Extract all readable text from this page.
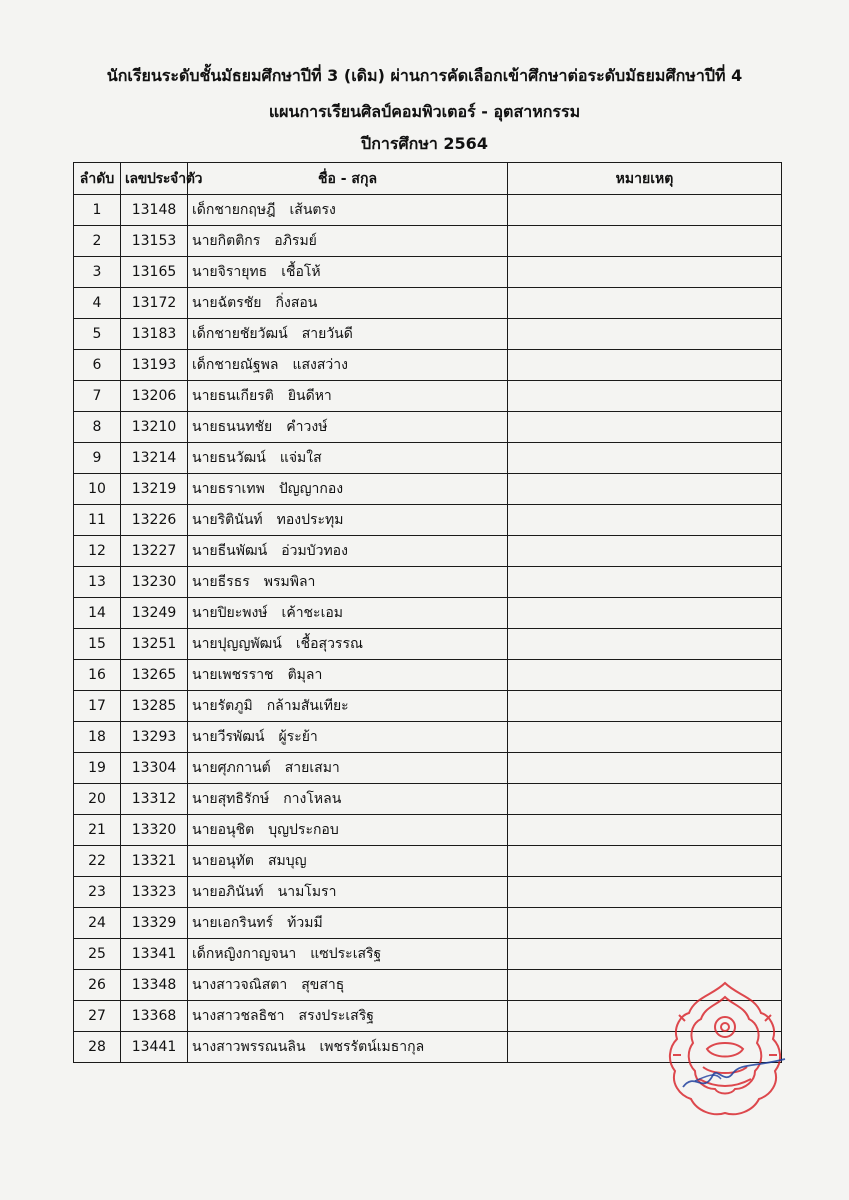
นักเรียนระดับชั้นมัธยมศึกษาปีที่ 3 (เดิม) ผ่านการคัดเลือกเข้าศึกษาต่อระดับมัธยมศึกษาปีที่ 4
แผนการเรียนศิลป์คอมพิวเตอร์ - อุตสาหกรรม
ปีการศึกษา 2564
ลำดับ	เลขประจำตัว	ชื่อ - สกุล	หมายเหตุ
1	13148	เด็กชายกฤษฎี เส้นตรง	
2	13153	นายกิตติกร อภิรมย์	
3	13165	นายจิรายุทธ เชื้อโห้	
4	13172	นายฉัตรชัย กิ่งสอน	
5	13183	เด็กชายชัยวัฒน์ สายวันดี	
6	13193	เด็กชายณัฐพล แสงสว่าง	
7	13206	นายธนเกียรติ ยินดีหา	
8	13210	นายธนนทชัย คำวงษ์	
9	13214	นายธนวัฒน์ แจ่มใส	
10	13219	นายธราเทพ ปัญญากอง	
11	13226	นายริตินันท์ ทองประทุม	
12	13227	นายธีนพัฒน์ อ่วมบัวทอง	
13	13230	นายธีรธร พรมพิลา	
14	13249	นายปิยะพงษ์ เค้าชะเอม	
15	13251	นายปุญญพัฒน์ เชื้อสุวรรณ	
16	13265	นายเพชรราช ติมุลา	
17	13285	นายรัตภูมิ กล้ามสันเทียะ	
18	13293	นายวีรพัฒน์ ผู้ระย้า	
19	13304	นายศุภกานต์ สายเสมา	
20	13312	นายสุทธิรักษ์ กางโหลน	
21	13320	นายอนุชิต บุญประกอบ	
22	13321	นายอนุทัต สมบุญ	
23	13323	นายอภินันท์ นามโมรา	
24	13329	นายเอกรินทร์ ท้วมมี	
25	13341	เด็กหญิงกาญจนา แซประเสริฐ	
26	13348	นางสาวจณิสตา สุขสาธุ	
27	13368	นางสาวชลธิชา สรงประเสริฐ	
28	13441	นางสาวพรรณนลิน เพชรรัตน์เมธากุล	
